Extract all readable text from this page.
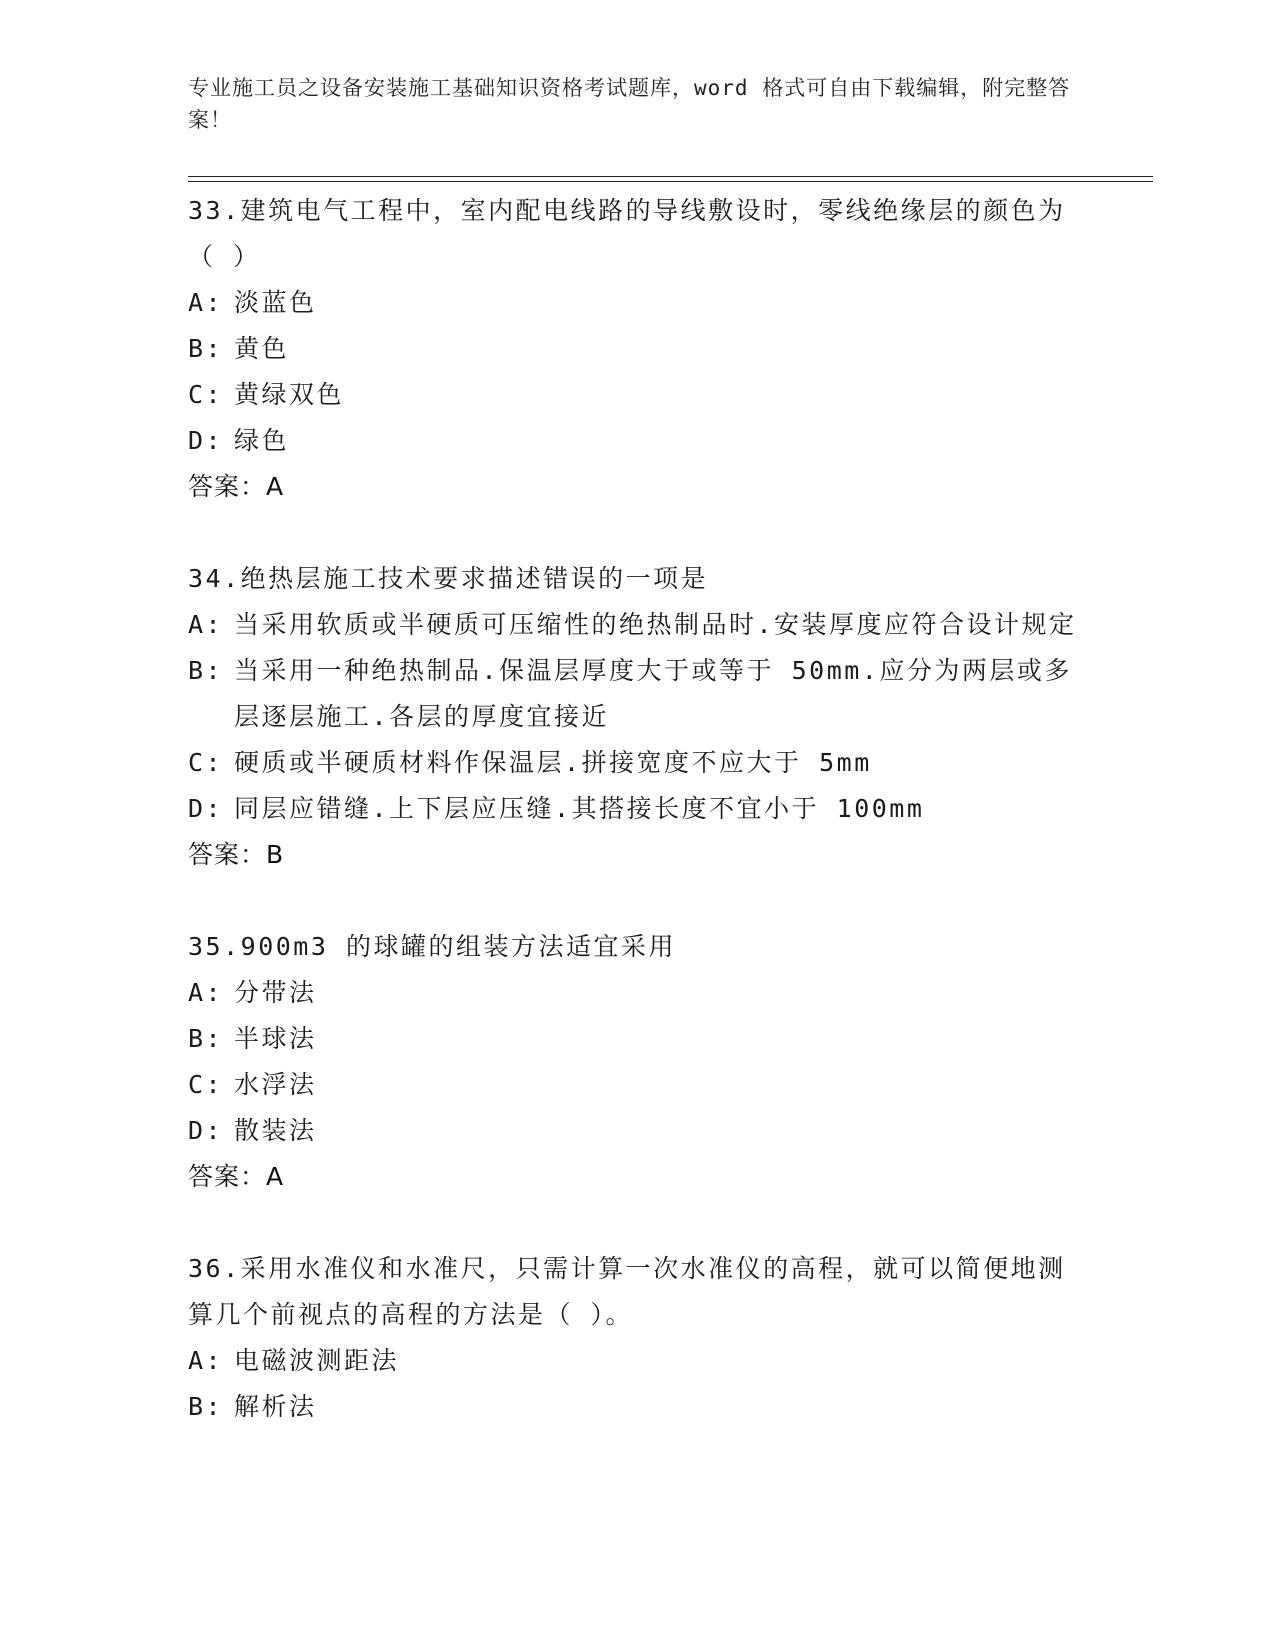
专业施工员之设备安装施工基础知识资格考试题库，word 格式可自由下载编辑，附完整答案！
33.建筑电气工程中，室内配电线路的导线敷设时，零线绝缘层的颜色为（ ）
A: 淡蓝色
B: 黄色
C: 黄绿双色
D: 绿色
答案：A
34.绝热层施工技术要求描述错误的一项是
A: 当采用软质或半硬质可压缩性的绝热制品时.安装厚度应符合设计规定
B: 当采用一种绝热制品.保温层厚度大于或等于 50mm.应分为两层或多层逐层施工.各层的厚度宜接近
C: 硬质或半硬质材料作保温层.拼接宽度不应大于 5mm
D: 同层应错缝.上下层应压缝.其搭接长度不宜小于 100mm
答案：B
35.900m3 的球罐的组装方法适宜采用
A: 分带法
B: 半球法
C: 水浮法
D: 散装法
答案：A
36.采用水准仪和水准尺，只需计算一次水准仪的高程，就可以简便地测算几个前视点的高程的方法是（ ）。
A: 电磁波测距法
B: 解析法
